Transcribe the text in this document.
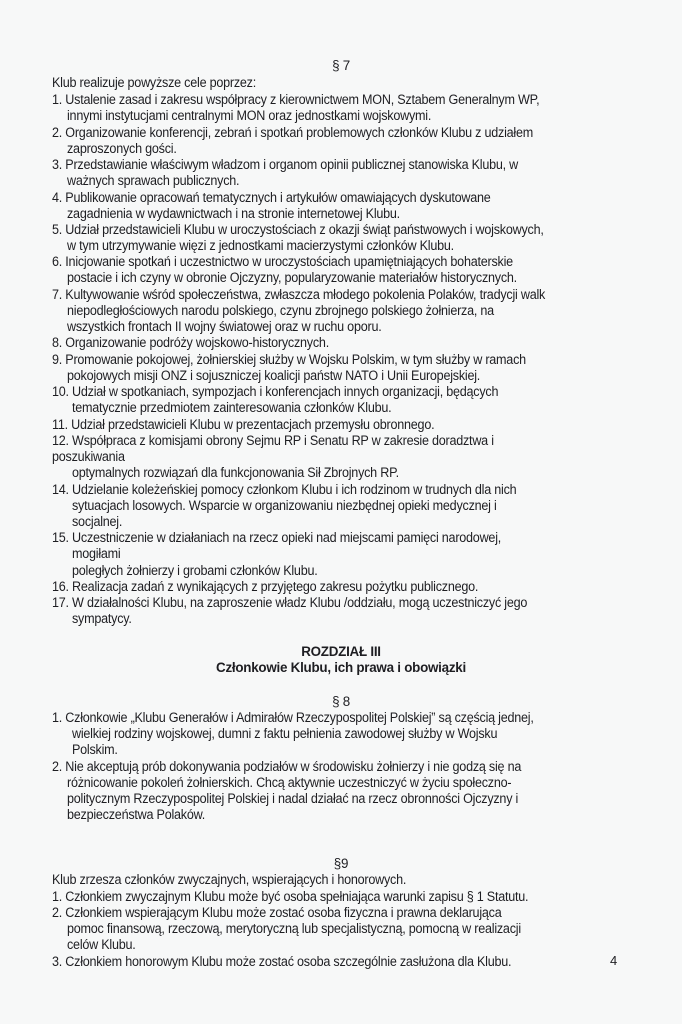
§ 7
Klub realizuje powyższe cele poprzez:
1. Ustalenie zasad i zakresu współpracy z kierownictwem MON, Sztabem Generalnym WP,
innymi instytucjami centralnymi MON oraz jednostkami wojskowymi.
2. Organizowanie konferencji, zebrań i spotkań problemowych członków Klubu z udziałem
zaproszonych gości.
3. Przedstawianie właściwym władzom i organom opinii publicznej stanowiska Klubu, w
ważnych sprawach publicznych.
4. Publikowanie opracowań tematycznych i artykułów omawiających dyskutowane
zagadnienia w wydawnictwach i na stronie internetowej Klubu.
5. Udział przedstawicieli Klubu w uroczystościach z okazji świąt państwowych i wojskowych,
w tym utrzymywanie więzi z jednostkami macierzystymi członków Klubu.
6. Inicjowanie spotkań i uczestnictwo w uroczystościach upamiętniających bohaterskie
postacie i ich czyny w obronie Ojczyzny, popularyzowanie materiałów historycznych.
7. Kultywowanie wśród społeczeństwa, zwłaszcza młodego pokolenia Polaków, tradycji walk
niepodległościowych narodu polskiego, czynu zbrojnego polskiego żołnierza, na
wszystkich frontach II wojny światowej oraz w ruchu oporu.
8. Organizowanie podróży wojskowo-historycznych.
9. Promowanie pokojowej, żołnierskiej służby w Wojsku Polskim, w tym służby w ramach
pokojowych misji ONZ i sojuszniczej koalicji państw NATO i Unii Europejskiej.
10. Udział w spotkaniach, sympozjach i konferencjach innych organizacji, będących
tematycznie przedmiotem zainteresowania członków Klubu.
11. Udział przedstawicieli Klubu w prezentacjach przemysłu obronnego.
12. Współpraca z komisjami obrony Sejmu RP i Senatu RP w zakresie doradztwa i
poszukiwania
optymalnych rozwiązań dla funkcjonowania Sił Zbrojnych RP.
14. Udzielanie koleżeńskiej pomocy członkom Klubu i ich rodzinom w trudnych dla nich
sytuacjach losowych. Wsparcie w organizowaniu niezbędnej opieki medycznej i
socjalnej.
15. Uczestniczenie w działaniach na rzecz opieki nad miejscami pamięci narodowej,
mogiłami
poległych żołnierzy i grobami członków Klubu.
16. Realizacja zadań z wynikających z przyjętego zakresu pożytku publicznego.
17. W działalności Klubu, na zaproszenie władz Klubu /oddziału, mogą uczestniczyć jego
sympatycy.
ROZDZIAŁ III
Członkowie Klubu, ich prawa i obowiązki
§ 8
1. Członkowie „Klubu Generałów i Admirałów Rzeczypospolitej Polskiej” są częścią jednej,
wielkiej rodziny wojskowej, dumni z faktu pełnienia zawodowej służby w Wojsku
Polskim.
2. Nie akceptują prób dokonywania podziałów w środowisku żołnierzy i nie godzą się na
różnicowanie pokoleń żołnierskich. Chcą aktywnie uczestniczyć w życiu społeczno-
politycznym Rzeczypospolitej Polskiej i nadal działać na rzecz obronności Ojczyzny i
bezpieczeństwa Polaków.
§9
Klub zrzesza członków zwyczajnych, wspierających i honorowych.
1. Członkiem zwyczajnym Klubu może być osoba spełniająca warunki zapisu § 1 Statutu.
2. Członkiem wspierającym Klubu może zostać osoba fizyczna i prawna deklarująca
pomoc finansową, rzeczową, merytoryczną lub specjalistyczną, pomocną w realizacji
celów Klubu.
3. Członkiem honorowym Klubu może zostać osoba szczególnie zasłużona dla Klubu.	4
